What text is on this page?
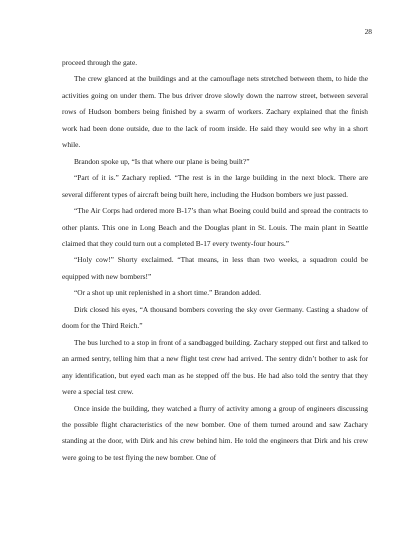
28

proceed through the gate.

The crew glanced at the buildings and at the camouflage nets stretched between them, to hide the activities going on under them. The bus driver drove slowly down the narrow street, between several rows of Hudson bombers being finished by a swarm of workers. Zachary explained that the finish work had been done outside, due to the lack of room inside. He said they would see why in a short while.

Brandon spoke up, “Is that where our plane is being built?”

“Part of it is.” Zachary replied. “The rest is in the large building in the next block. There are several different types of aircraft being built here, including the Hudson bombers we just passed.

“The Air Corps had ordered more B-17’s than what Boeing could build and spread the contracts to other plants. This one in Long Beach and the Douglas plant in St. Louis. The main plant in Seattle claimed that they could turn out a completed B-17 every twenty-four hours.”

“Holy cow!” Shorty exclaimed. “That means, in less than two weeks, a squadron could be equipped with new bombers!”

“Or a shot up unit replenished in a short time.” Brandon added.

Dirk closed his eyes, “A thousand bombers covering the sky over Germany. Casting a shadow of doom for the Third Reich.”

The bus lurched to a stop in front of a sandbagged building. Zachary stepped out first and talked to an armed sentry, telling him that a new flight test crew had arrived. The sentry didn’t bother to ask for any identification, but eyed each man as he stepped off the bus. He had also told the sentry that they were a special test crew.

Once inside the building, they watched a flurry of activity among a group of engineers discussing the possible flight characteristics of the new bomber. One of them turned around and saw Zachary standing at the door, with Dirk and his crew behind him. He told the engineers that Dirk and his crew were going to be test flying the new bomber. One of
